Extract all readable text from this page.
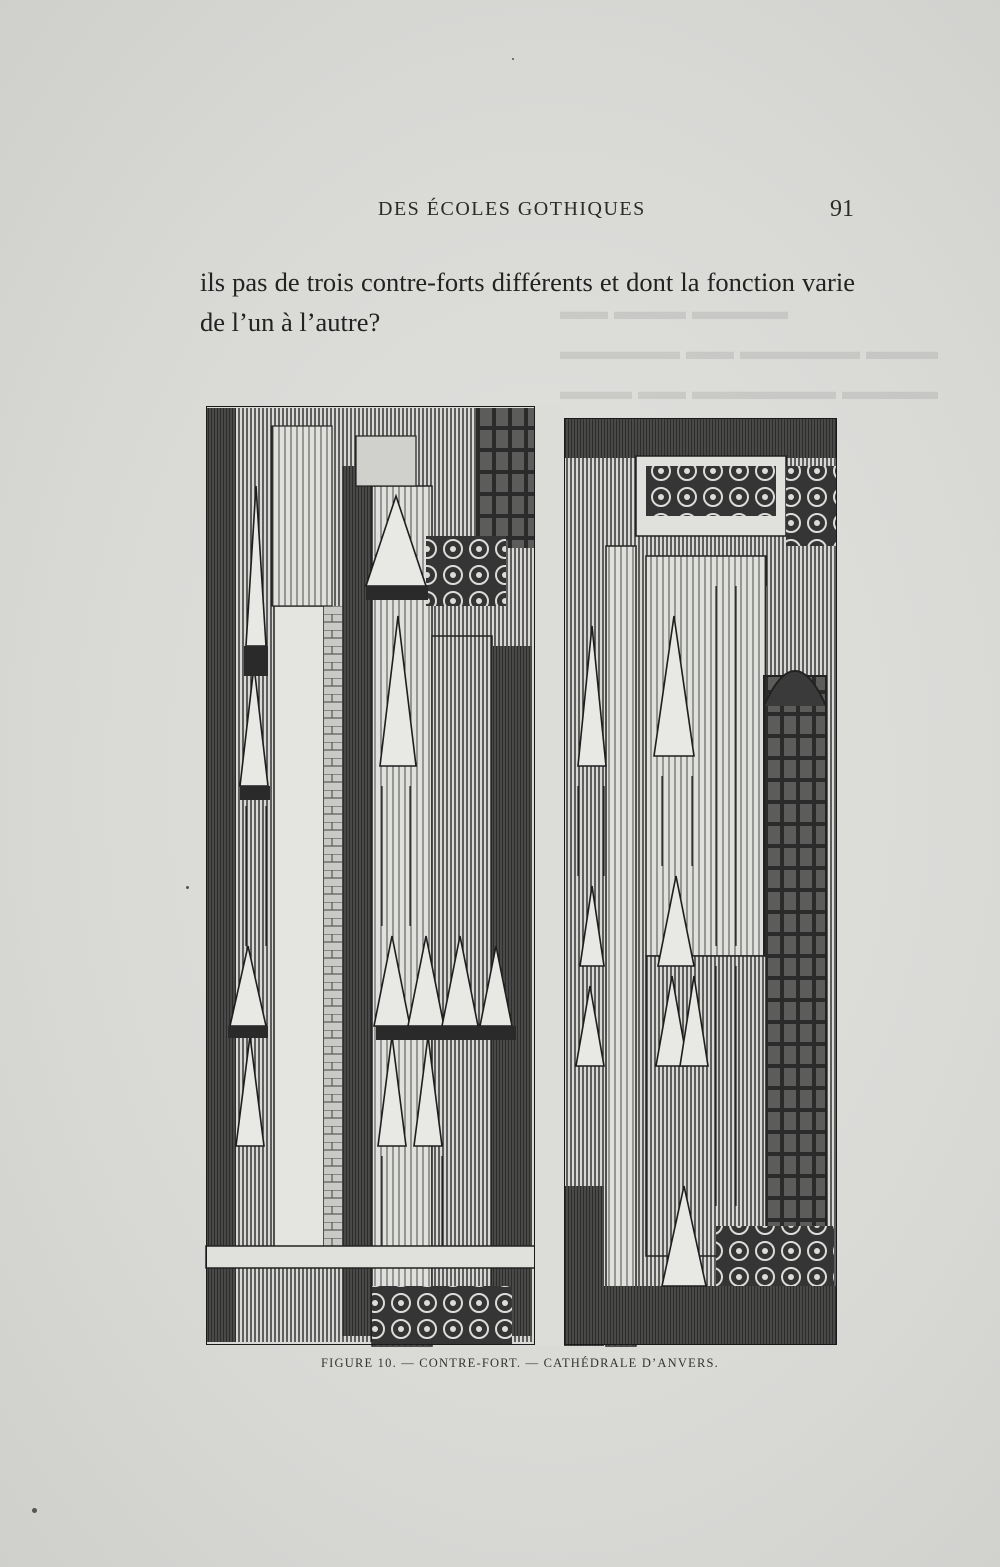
DES ÉCOLES GOTHIQUES	91
▬▬ ▬▬▬ ▬▬▬▬
▬▬▬▬▬ ▬▬ ▬▬▬▬▬ ▬▬▬
▬▬▬ ▬▬ ▬▬▬▬▬▬ ▬▬▬▬

ils pas de trois contre-forts différents et dont la fonction varie de l’un à l’autre?

FIGURE 10. — CONTRE-FORT. — CATHÉDRALE D’ANVERS.
